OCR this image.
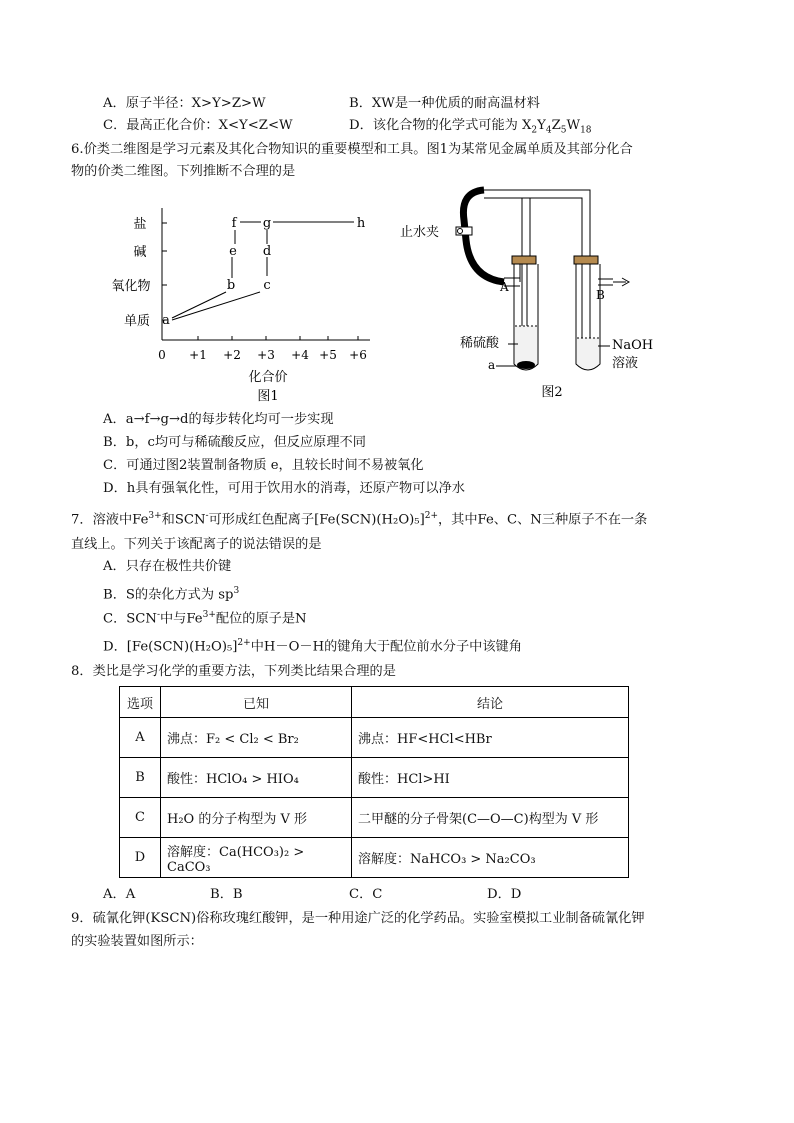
A．原子半径：X>Y>Z>W	B．XW是一种优质的耐高温材料
C．最高正化合价：X<Y<Z<W	D．该化合物的化学式可能为 $X_2Y_4Z_5W_{18}$
6.价类二维图是学习元素及其化合物知识的重要模型和工具。图1为某常见金属单质及其部分化合
物的价类二维图。下列推断不合理的是
盐
碱
氧化物
单质
0 +1 +2 +3 +4 +5 +6
化合价
图1
a
b c
e d
f g	h
止水夹
A
稀硫酸
a
B
NaOH
溶液
图2
A．a→f→g→d的每步转化均可一步实现
B．b，c均可与稀硫酸反应，但反应原理不同
C．可通过图2装置制备物质 e，且较长时间不易被氧化
D．h具有强氧化性，可用于饮用水的消毒，还原产物可以净水
7．溶液中$Fe^{3+}$和SCN-可形成红色配离子$[Fe(SCN)(H_2O)_5]^{2+}$，其中Fe、C、N三种原子不在一条
直线上。下列关于该配离子的说法错误的是
A．只存在极性共价键
B．S的杂化方式为 $sp^3$
C．SCN-中与$Fe^{3+}$配位的原子是N
D．$[Fe(SCN)(H_2O)_5]^{2+}$中H－O－H的键角大于配位前水分子中该键角
8．类比是学习化学的重要方法，下列类比结果合理的是
选项	已知	结论
A	沸点：F₂ < Cl₂ < Br₂	沸点：HF<HCl<HBr
B	酸性：HClO₄ > HIO₄	酸性：HCl>HI
C	H₂O 的分子构型为 V 形	二甲醚的分子骨架(C—O—C)构型为 V 形
D	溶解度：Ca(HCO₃)₂ > CaCO₃	溶解度：NaHCO₃ > Na₂CO₃
A．A	B．B	C．C	D．D
9．硫氰化钾(KSCN)俗称玫瑰红酸钾，是一种用途广泛的化学药品。实验室模拟工业制备硫氰化钾
的实验装置如图所示：
